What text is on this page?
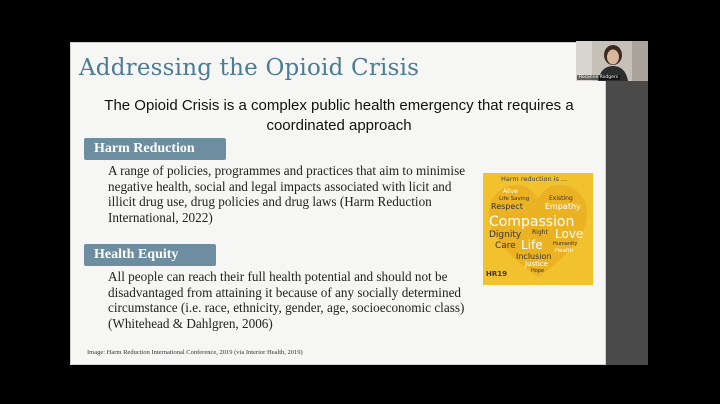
Addressing the Opioid Crisis
The Opioid Crisis is a complex public health emergency that requires a coordinated approach
Harm Reduction
A range of policies, programmes and practices that aim to minimise negative health, social and legal impacts associated with licit and illicit drug use, drug policies and drug laws (Harm Reduction International, 2022)
Health Equity
All people can reach their full health potential and should not be disadvantaged from attaining it because of any socially determined circumstance (i.e. race, ethnicity, gender, age, socioeconomic class) (Whitehead & Dahlgren, 2006)
Alive
Life Saving
Respect
Existing
Empathy
Compassion
Dignity Right Love
Care Life Humanity
Health
Inclusion
Justice
Hope
Harm reduction is ...
HR19
Image: Harm Reduction International Conference, 2019 (via Interior Health, 2019)
Rosanne Rodgers
